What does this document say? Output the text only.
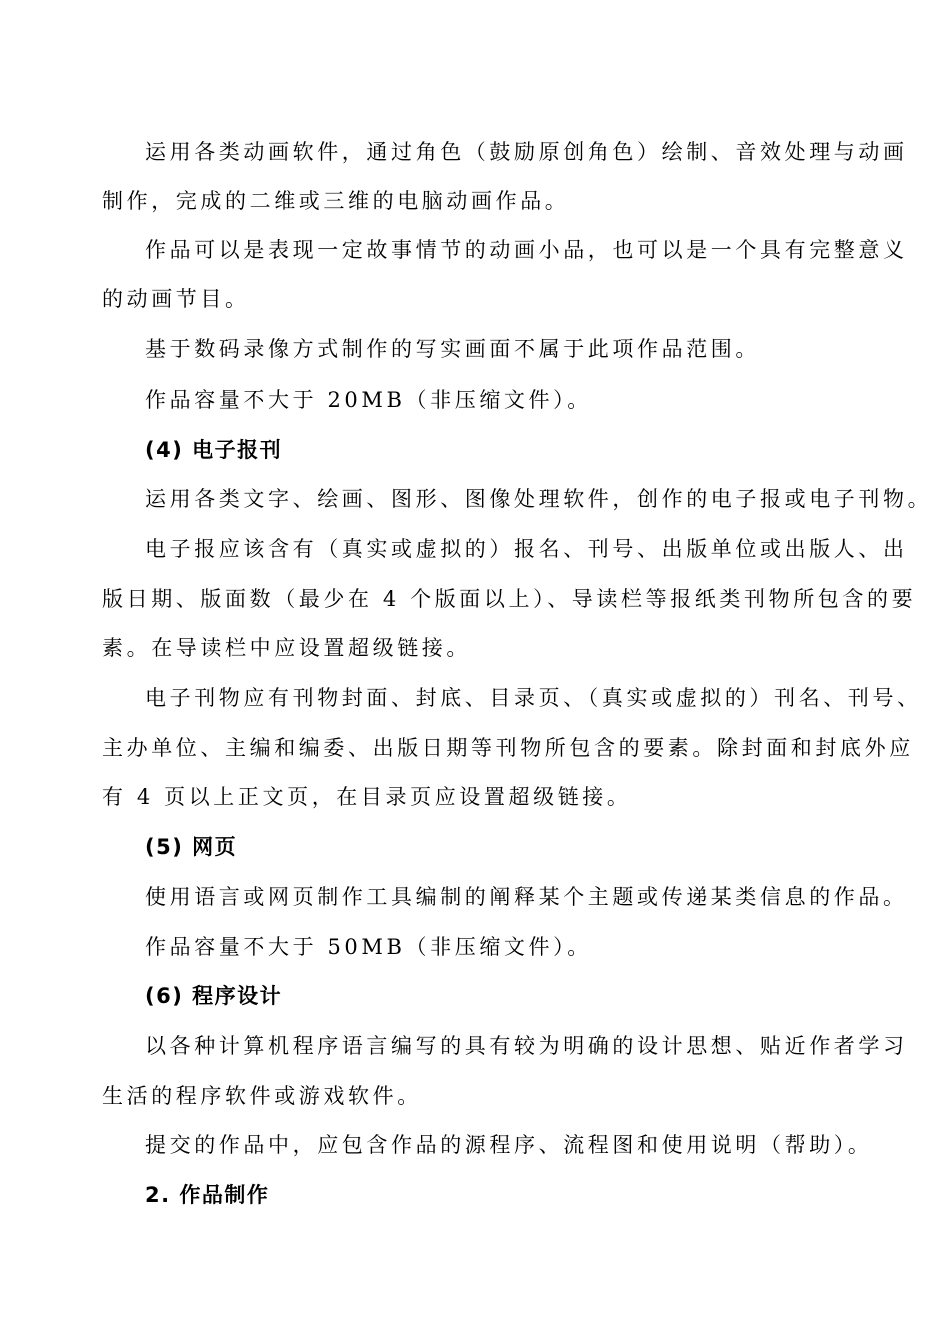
运用各类动画软件，通过角色（鼓励原创角色）绘制、音效处理与动画
制作，完成的二维或三维的电脑动画作品。
作品可以是表现一定故事情节的动画小品，也可以是一个具有完整意义
的动画节目。
基于数码录像方式制作的写实画面不属于此项作品范围。
作品容量不大于 20MB（非压缩文件）。
(4) 电子报刊
运用各类文字、绘画、图形、图像处理软件，创作的电子报或电子刊物。
电子报应该含有（真实或虚拟的）报名、刊号、出版单位或出版人、出
版日期、版面数（最少在 4 个版面以上）、导读栏等报纸类刊物所包含的要
素。在导读栏中应设置超级链接。
电子刊物应有刊物封面、封底、目录页、（真实或虚拟的）刊名、刊号、
主办单位、主编和编委、出版日期等刊物所包含的要素。除封面和封底外应
有 4 页以上正文页，在目录页应设置超级链接。
(5) 网页
使用语言或网页制作工具编制的阐释某个主题或传递某类信息的作品。
作品容量不大于 50MB（非压缩文件）。
(6) 程序设计
以各种计算机程序语言编写的具有较为明确的设计思想、贴近作者学习
生活的程序软件或游戏软件。
提交的作品中，应包含作品的源程序、流程图和使用说明（帮助）。
2. 作品制作
